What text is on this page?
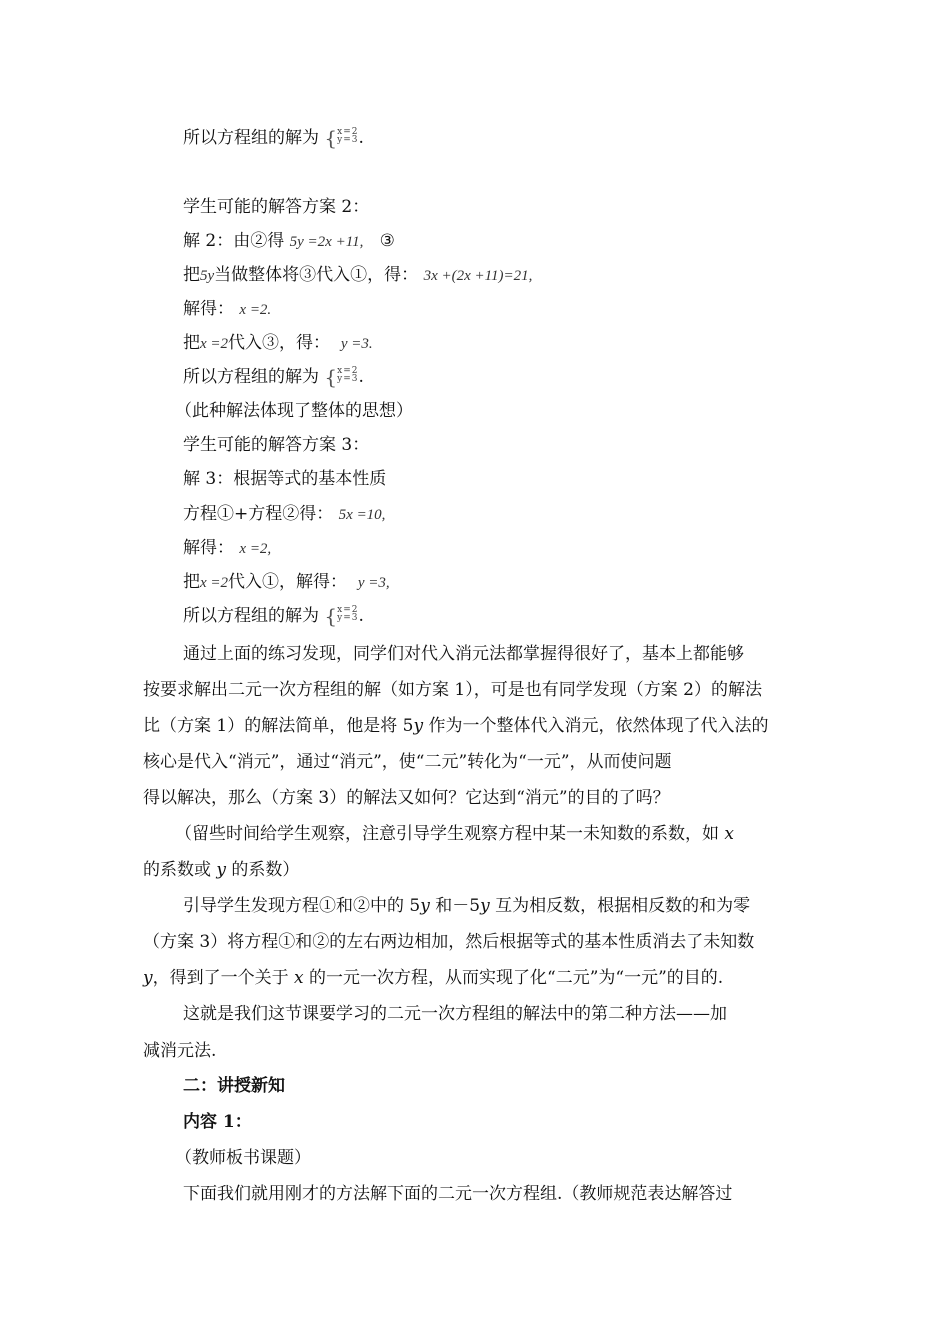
所以方程组的解为 {x=2
y=3.
学生可能的解答方案 2：
解 2：由②得 5y =2x +11, ③
把5y当做整体将③代入①，得： 3x +(2x +11)=21,
解得： x =2.
把x =2代入③，得： y =3.
所以方程组的解为 {x=2
y=3.
（此种解法体现了整体的思想）
学生可能的解答方案 3：
解 3：根据等式的基本性质
方程①+方程②得： 5x =10,
解得： x =2,
把x =2代入①，解得： y =3,
所以方程组的解为 {x=2
y=3.
通过上面的练习发现，同学们对代入消元法都掌握得很好了，基本上都能够
按要求解出二元一次方程组的解（如方案 1），可是也有同学发现（方案 2）的解法
比（方案 1）的解法简单，他是将 5y 作为一个整体代入消元，依然体现了代入法的
核心是代入“消元”，通过“消元”，使“二元”转化为“一元”，从而使问题
得以解决，那么（方案 3）的解法又如何？它达到“消元”的目的了吗？
（留些时间给学生观察，注意引导学生观察方程中某一未知数的系数，如 x
的系数或 y 的系数）
引导学生发现方程①和②中的 5y 和－5y 互为相反数，根据相反数的和为零
（方案 3）将方程①和②的左右两边相加，然后根据等式的基本性质消去了未知数
y，得到了一个关于 x 的一元一次方程，从而实现了化“二元”为“一元”的目的.
这就是我们这节课要学习的二元一次方程组的解法中的第二种方法——加
减消元法.
二：讲授新知
内容 1：
（教师板书课题）
下面我们就用刚才的方法解下面的二元一次方程组.（教师规范表达解答过
